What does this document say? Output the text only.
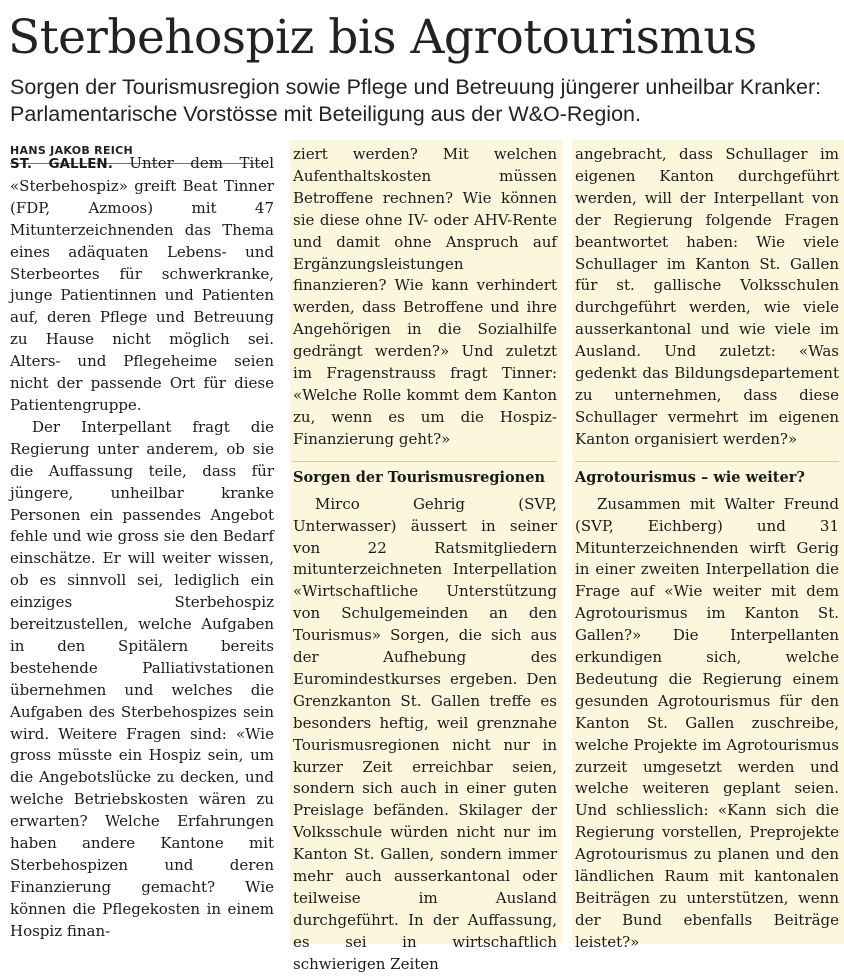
Sterbehospiz bis Agrotourismus
Sorgen der Tourismusregion sowie Pflege und Betreuung jüngerer unheilbar Kranker: Parlamentarische Vorstösse mit Beteiligung aus der W&O-Region.
HANS JAKOB REICH

ST. GALLEN. Unter dem Titel «Sterbehospiz» greift Beat Tinner (FDP, Azmoos) mit 47 Mitunterzeichnenden das Thema eines adäquaten Lebens- und Sterbeortes für schwerkranke, junge Patientinnen und Patienten auf, deren Pflege und Betreuung zu Hause nicht möglich sei. Alters- und Pflegeheime seien nicht der passende Ort für diese Patientengruppe.

Der Interpellant fragt die Regierung unter anderem, ob sie die Auffassung teile, dass für jüngere, unheilbar kranke Personen ein passendes Angebot fehle und wie gross sie den Bedarf einschätze. Er will weiter wissen, ob es sinnvoll sei, lediglich ein einziges Sterbehospiz bereitzustellen, welche Aufgaben in den Spitälern bereits bestehende Palliativstationen übernehmen und welches die Aufgaben des Sterbehospizes sein wird. Weitere Fragen sind: «Wie gross müsste ein Hospiz sein, um die Angebotslücke zu decken, und welche Betriebskosten wären zu erwarten? Welche Erfahrungen haben andere Kantone mit Sterbehospizen und deren Finanzierung gemacht? Wie können die Pflegekosten in einem Hospiz finan-

ziert werden? Mit welchen Aufenthaltskosten müssen Betroffene rechnen? Wie können sie diese ohne IV- oder AHV-Rente und damit ohne Anspruch auf Ergänzungsleistungen finanzieren? Wie kann verhindert werden, dass Betroffene und ihre Angehörigen in die Sozialhilfe gedrängt werden?» Und zuletzt im Fragenstrauss fragt Tinner: «Welche Rolle kommt dem Kanton zu, wenn es um die Hospiz-Finanzierung geht?»

Sorgen der Tourismusregionen

Mirco Gehrig (SVP, Unterwasser) äussert in seiner von 22 Ratsmitgliedern mitunterzeichneten Interpellation «Wirtschaftliche Unterstützung von Schulgemeinden an den Tourismus» Sorgen, die sich aus der Aufhebung des Euromindestkurses ergeben. Den Grenzkanton St. Gallen treffe es besonders heftig, weil grenznahe Tourismusregionen nicht nur in kurzer Zeit erreichbar seien, sondern sich auch in einer guten Preislage befänden. Skilager der Volksschule würden nicht nur im Kanton St. Gallen, sondern immer mehr auch ausserkantonal oder teilweise im Ausland durchgeführt. In der Auffassung, es sei in wirtschaftlich schwierigen Zeiten

angebracht, dass Schullager im eigenen Kanton durchgeführt werden, will der Interpellant von der Regierung folgende Fragen beantwortet haben: Wie viele Schullager im Kanton St. Gallen für st. gallische Volksschulen durchgeführt werden, wie viele ausserkantonal und wie viele im Ausland. Und zuletzt: «Was gedenkt das Bildungsdepartement zu unternehmen, dass diese Schullager vermehrt im eigenen Kanton organisiert werden?»

Agrotourismus – wie weiter?

Zusammen mit Walter Freund (SVP, Eichberg) und 31 Mitunterzeichnenden wirft Gerig in einer zweiten Interpellation die Frage auf «Wie weiter mit dem Agrotourismus im Kanton St. Gallen?» Die Interpellanten erkundigen sich, welche Bedeutung die Regierung einem gesunden Agrotourismus für den Kanton St. Gallen zuschreibe, welche Projekte im Agrotourismus zurzeit umgesetzt werden und welche weiteren geplant seien. Und schliesslich: «Kann sich die Regierung vorstellen, Preprojekte Agrotourismus zu planen und den ländlichen Raum mit kantonalen Beiträgen zu unterstützen, wenn der Bund ebenfalls Beiträge leistet?»
